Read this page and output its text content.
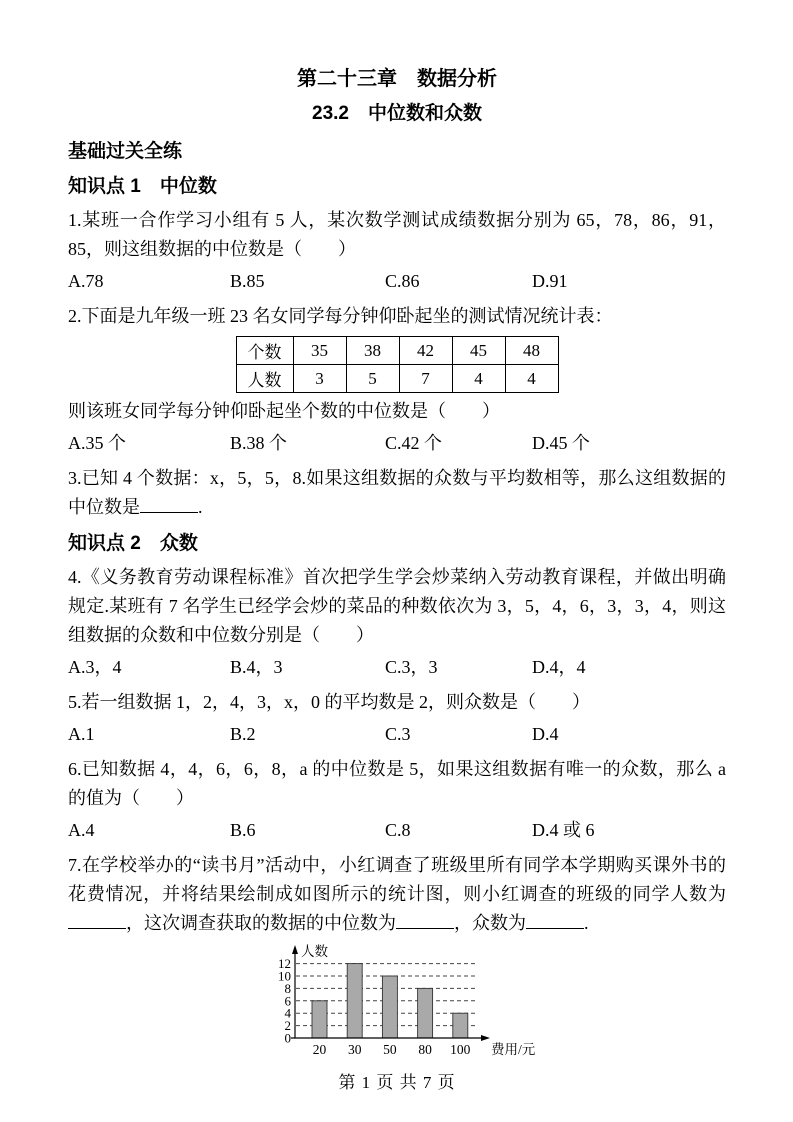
第二十三章　数据分析
23.2　中位数和众数
基础过关全练
知识点 1　中位数

1.某班一合作学习小组有 5 人，某次数学测试成绩数据分别为 65，78，86，91，85，则这组数据的中位数是（　　）

A.78	B.85	C.86	D.91

2.下面是九年级一班 23 名女同学每分钟仰卧起坐的测试情况统计表：

个数	35	38	42	45	48
人数	3	5	7	4	4

则该班女同学每分钟仰卧起坐个数的中位数是（　　）

A.35 个	B.38 个	C.42 个	D.45 个

3.已知 4 个数据：x，5，5，8.如果这组数据的众数与平均数相等，那么这组数据的中位数是	.

知识点 2　众数

4.《义务教育劳动课程标准》首次把学生学会炒菜纳入劳动教育课程，并做出明确规定.某班有 7 名学生已经学会炒的菜品的种数依次为 3，5，4，6，3，3，4，则这组数据的众数和中位数分别是（　　）

A.3，4	B.4，3	C.3，3	D.4，4

5.若一组数据 1，2，4，3，x，0 的平均数是 2，则众数是（　　）

A.1	B.2	C.3	D.4

6.已知数据 4，4，6，6，8，a 的中位数是 5，如果这组数据有唯一的众数，那么 a 的值为（　　）

A.4	B.6	C.8	D.4 或 6

7.在学校举办的“读书月”活动中，小红调查了班级里所有同学本学期购买课外书的花费情况，并将结果绘制成如图所示的统计图，则小红调查的班级的同学人数为，这次调查获取的数据的中位数为	，众数为	.

0
2
4
6
8
10
12
20 30 50 80 100
人数
费用/元
第 1 页 共 7 页
